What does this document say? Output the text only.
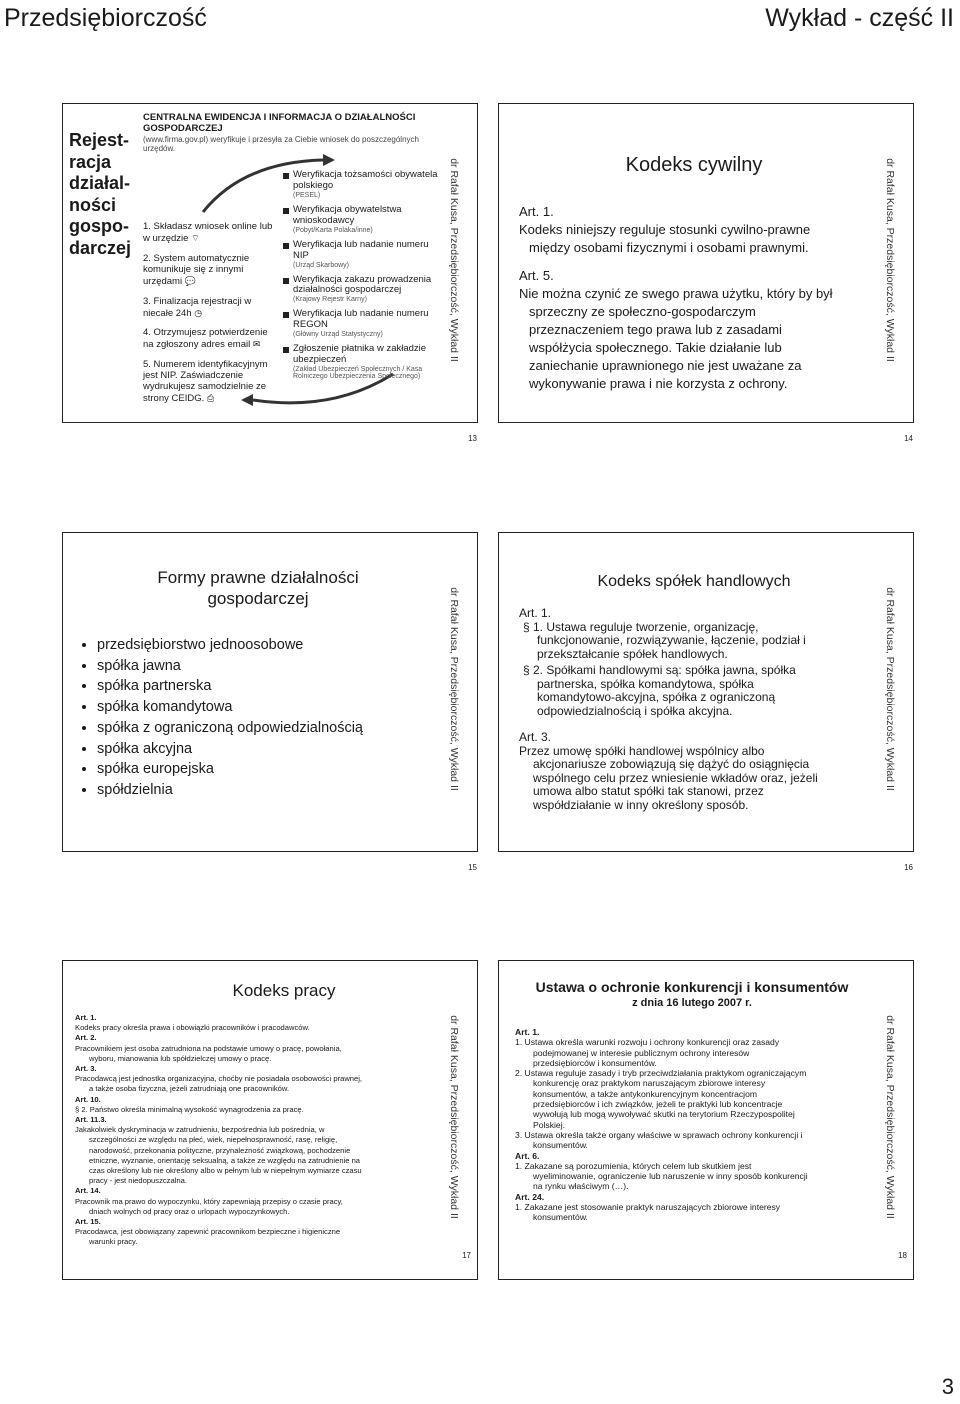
Przedsiębiorczość	Wykład - część II
Rejest-racja działal-ności gospo-darczej
CENTRALNA EWIDENCJA I INFORMACJA O DZIAŁALNOŚCI GOSPODARCZEJ
(www.firma.gov.pl) weryfikuje i przesyła za Ciebie wniosek do poszczególnych urzędów.
1. Składasz wniosek online lub w urzędzie ⌔
2. System automatycznie komunikuje się z innymi urzędami 💬
3. Finalizacja rejestracji w niecałe 24h ◷
4. Otrzymujesz potwierdzenie na zgłoszony adres email ✉
5. Numerem identyfikacyjnym jest NIP. Zaświadczenie wydrukujesz samodzielnie ze strony CEIDG. ⎙
Weryfikacja tożsamości obywatela polskiego
(PESEL)
Weryfikacja obywatelstwa wnioskodawcy
(Pobyt/Karta Polaka/inne)
Weryfikacja lub nadanie numeru NIP
(Urząd Skarbowy)
Weryfikacja zakazu prowadzenia działalności gospodarczej
(Krajowy Rejestr Karny)
Weryfikacja lub nadanie numeru REGON
(Główny Urząd Statystyczny)
Zgłoszenie płatnika w zakładzie ubezpieczeń
(Zakład Ubezpieczeń Społecznych / Kasa Rolniczego Ubezpieczenia Społecznego)
dr Rafał Kusa, Przedsiębiorczość, Wykład II
13
Kodeks cywilny
Art. 1.
Kodeks niniejszy reguluje stosunki cywilno-prawne
między osobami fizycznymi i osobami prawnymi.
Art. 5.
Nie można czynić ze swego prawa użytku, który by był
sprzeczny ze społeczno-gospodarczym
przeznaczeniem tego prawa lub z zasadami
współżycia społecznego. Takie działanie lub
zaniechanie uprawnionego nie jest uważane za
wykonywanie prawa i nie korzysta z ochrony.
dr Rafał Kusa, Przedsiębiorczość, Wykład II
14
Formy prawne działalności
gospodarczej
• przedsiębiorstwo jednoosobowe
• spółka jawna
• spółka partnerska
• spółka komandytowa
• spółka z ograniczoną odpowiedzialnością
• spółka akcyjna
• spółka europejska
• spółdzielnia	dr Rafał Kusa, Przedsiębiorczość, Wykład II
15
Kodeks spółek handlowych
Art. 1.
§ 1. Ustawa reguluje tworzenie, organizację,
funkcjonowanie, rozwiązywanie, łączenie, podział i
przekształcanie spółek handlowych.
§ 2. Spółkami handlowymi są: spółka jawna, spółka
partnerska, spółka komandytowa, spółka
komandytowo-akcyjna, spółka z ograniczoną
odpowiedzialnością i spółka akcyjna.
Art. 3.
Przez umowę spółki handlowej wspólnicy albo
akcjonariusze zobowiązują się dążyć do osiągnięcia
wspólnego celu przez wniesienie wkładów oraz, jeżeli
umowa albo statut spółki tak stanowi, przez
współdziałanie w inny określony sposób.
dr Rafał Kusa, Przedsiębiorczość, Wykład II
16
Kodeks pracy

Art. 1.

Kodeks pracy określa prawa i obowiązki pracowników i pracodawców.

Art. 2.

Pracownikiem jest osoba zatrudniona na podstawie umowy o pracę, powołania,

wyboru, mianowania lub spółdzielczej umowy o pracę.

Art. 3.

Pracodawcą jest jednostka organizacyjna, choćby nie posiadała osobowości prawnej,

a także osoba fizyczna, jeżeli zatrudniają one pracowników.

Art. 10.

§ 2. Państwo określa minimalną wysokość wynagrodzenia za pracę.

Art. 11.3.

Jakakolwiek dyskryminacja w zatrudnieniu, bezpośrednia lub pośrednia, w

szczególności ze względu na płeć, wiek, niepełnosprawność, rasę, religię,

narodowość, przekonania polityczne, przynależność związkową, pochodzenie

etniczne, wyznanie, orientację seksualną, a także ze względu na zatrudnienie na

czas określony lub nie określony albo w pełnym lub w niepełnym wymiarze czasu

pracy - jest niedopuszczalna.

Art. 14.

Pracownik ma prawo do wypoczynku, który zapewniają przepisy o czasie pracy,

dniach wolnych od pracy oraz o urlopach wypoczynkowych.

Art. 15.

Pracodawca, jest obowiązany zapewnić pracownikom bezpieczne i higieniczne

warunki pracy.

dr Rafał Kusa, Przedsiębiorczość, Wykład II
17
Ustawa o ochronie konkurencji i konsumentów
z dnia 16 lutego 2007 r.

Art. 1.

1. Ustawa określa warunki rozwoju i ochrony konkurencji oraz zasady

podejmowanej w interesie publicznym ochrony interesów

przedsiębiorców i konsumentów.

2. Ustawa reguluje zasady i tryb przeciwdziałania praktykom ograniczającym

konkurencję oraz praktykom naruszającym zbiorowe interesy

konsumentów, a także antykonkurencyjnym koncentracjom

przedsiębiorców i ich związków, jeżeli te praktyki lub koncentracje

wywołują lub mogą wywoływać skutki na terytorium Rzeczypospolitej

Polskiej.

3. Ustawa określa także organy właściwe w sprawach ochrony konkurencji i

konsumentów.

Art. 6.

1. Zakazane są porozumienia, których celem lub skutkiem jest

wyeliminowanie, ograniczenie lub naruszenie w inny sposób konkurencji

na rynku właściwym (…).

Art. 24.

1. Zakazane jest stosowanie praktyk naruszających zbiorowe interesy

konsumentów.	dr Rafał Kusa, Przedsiębiorczość, Wykład II
18
3
